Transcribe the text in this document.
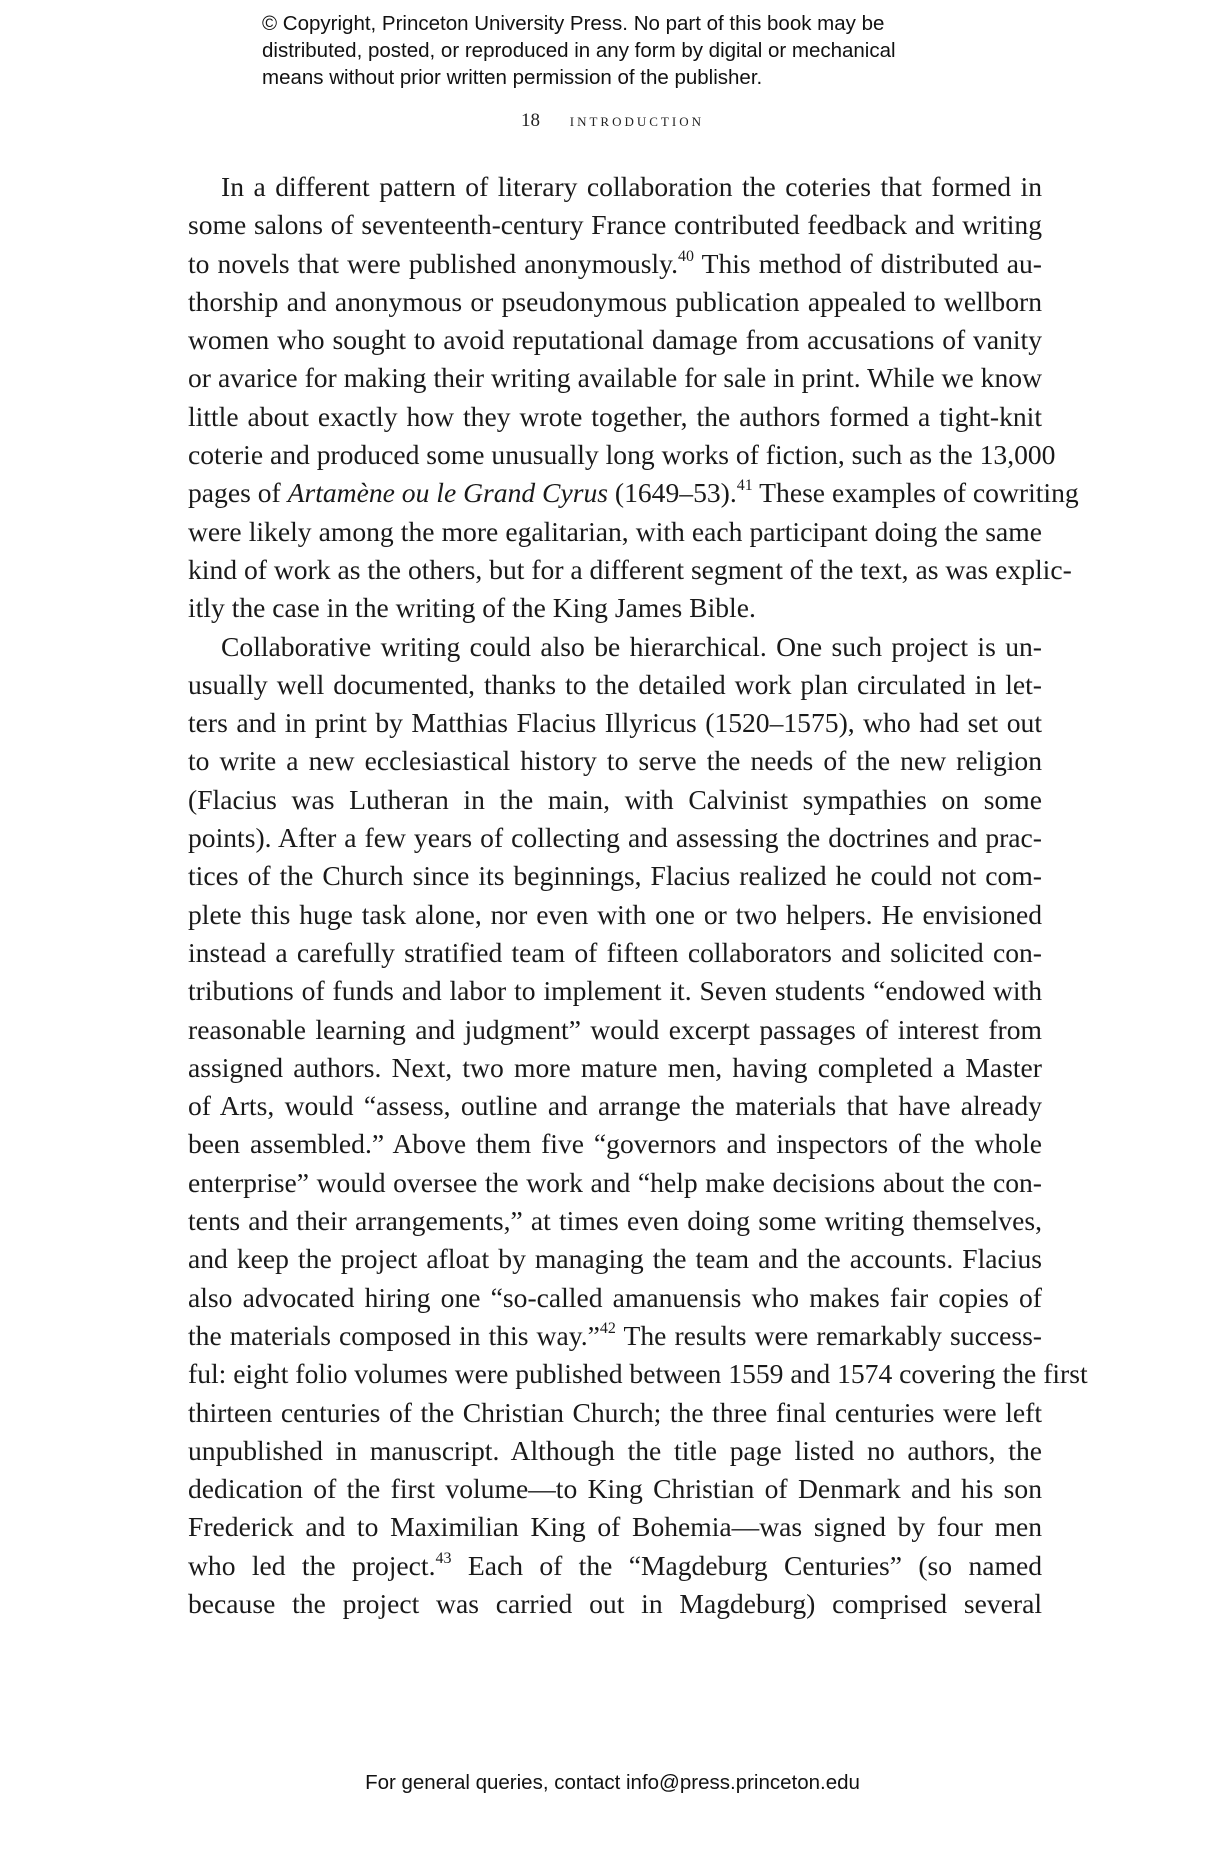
© Copyright, Princeton University Press. No part of this book may be
distributed, posted, or reproduced in any form by digital or mechanical
means without prior written permission of the publisher.
18 introduction
In a different pattern of literary collaboration the coteries that formed in
some salons of seventeenth-century France contributed feedback and writing
to novels that were published anonymously.$^{40}$ This method of distributed au-
thorship and anonymous or pseudonymous publication appealed to wellborn
women who sought to avoid reputational damage from accusations of vanity
or avarice for making their writing available for sale in print. While we know
little about exactly how they wrote together, the authors formed a tight-knit
coterie and produced some unusually long works of fiction, such as the 13,000
pages of Artamène ou le Grand Cyrus (1649–53).$^{41}$ These examples of cowriting
were likely among the more egalitarian, with each participant doing the same
kind of work as the others, but for a different segment of the text, as was explic-
itly the case in the writing of the King James Bible.
Collaborative writing could also be hierarchical. One such project is un-
usually well documented, thanks to the detailed work plan circulated in let-
ters and in print by Matthias Flacius Illyricus (1520–1575), who had set out
to write a new ecclesiastical history to serve the needs of the new religion
(Flacius was Lutheran in the main, with Calvinist sympathies on some
points). After a few years of collecting and assessing the doctrines and prac-
tices of the Church since its beginnings, Flacius realized he could not com-
plete this huge task alone, nor even with one or two helpers. He envisioned
instead a carefully stratified team of fifteen collaborators and solicited con-
tributions of funds and labor to implement it. Seven students “endowed with
reasonable learning and judgment” would excerpt passages of interest from
assigned authors. Next, two more mature men, having completed a Master
of Arts, would “assess, outline and arrange the materials that have already
been assembled.” Above them five “governors and inspectors of the whole
enterprise” would oversee the work and “help make decisions about the con-
tents and their arrangements,” at times even doing some writing themselves,
and keep the project afloat by managing the team and the accounts. Flacius
also advocated hiring one “so-called amanuensis who makes fair copies of
the materials composed in this way.”$^{42}$ The results were remarkably success-
ful: eight folio volumes were published between 1559 and 1574 covering the first
thirteen centuries of the Christian Church; the three final centuries were left
unpublished in manuscript. Although the title page listed no authors, the
dedication of the first volume—to King Christian of Denmark and his son
Frederick and to Maximilian King of Bohemia—was signed by four men
who led the project.$^{43}$ Each of the “Magdeburg Centuries” (so named
because the project was carried out in Magdeburg) comprised several
For general queries, contact info@press.princeton.edu
